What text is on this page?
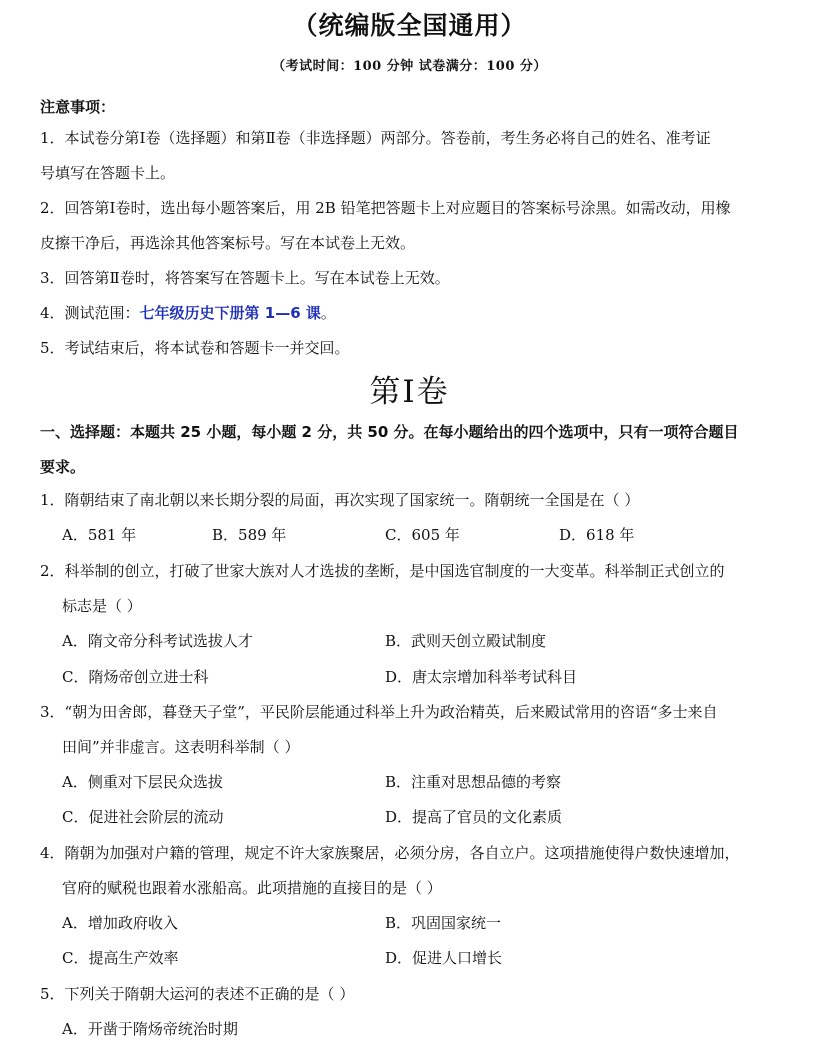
（统编版全国通用）
（考试时间：100 分钟 试卷满分：100 分）
注意事项：
1．本试卷分第Ⅰ卷（选择题）和第Ⅱ卷（非选择题）两部分。答卷前，考生务必将自己的姓名、准考证
号填写在答题卡上。
2．回答第Ⅰ卷时，选出每小题答案后，用 2B 铅笔把答题卡上对应题目的答案标号涂黑。如需改动，用橡
皮擦干净后，再选涂其他答案标号。写在本试卷上无效。
3．回答第Ⅱ卷时，将答案写在答题卡上。写在本试卷上无效。
4．测试范围：七年级历史下册第 1—6 课。
5．考试结束后，将本试卷和答题卡一并交回。
第Ⅰ卷
一、选择题：本题共 25 小题，每小题 2 分，共 50 分。在每小题给出的四个选项中，只有一项符合题目
要求。
1．隋朝结束了南北朝以来长期分裂的局面，再次实现了国家统一。隋朝统一全国是在（ ）
A．581 年	B．589 年	C．605 年	D．618 年
2．科举制的创立，打破了世家大族对人才选拔的垄断，是中国选官制度的一大变革。科举制正式创立的
标志是（ ）
A．隋文帝分科考试选拔人才	B．武则天创立殿试制度
C．隋炀帝创立进士科	D．唐太宗增加科举考试科目
3．“朝为田舍郎，暮登天子堂”，平民阶层能通过科举上升为政治精英，后来殿试常用的咨语“多士来自
田间”并非虚言。这表明科举制（ ）
A．侧重对下层民众选拔	B．注重对思想品德的考察
C．促进社会阶层的流动	D．提高了官员的文化素质
4．隋朝为加强对户籍的管理，规定不许大家族聚居，必须分房，各自立户。这项措施使得户数快速增加，
官府的赋税也跟着水涨船高。此项措施的直接目的是（ ）
A．增加政府收入	B．巩固国家统一
C．提高生产效率	D．促进人口增长
5．下列关于隋朝大运河的表述不正确的是（ ）
A．开凿于隋炀帝统治时期
